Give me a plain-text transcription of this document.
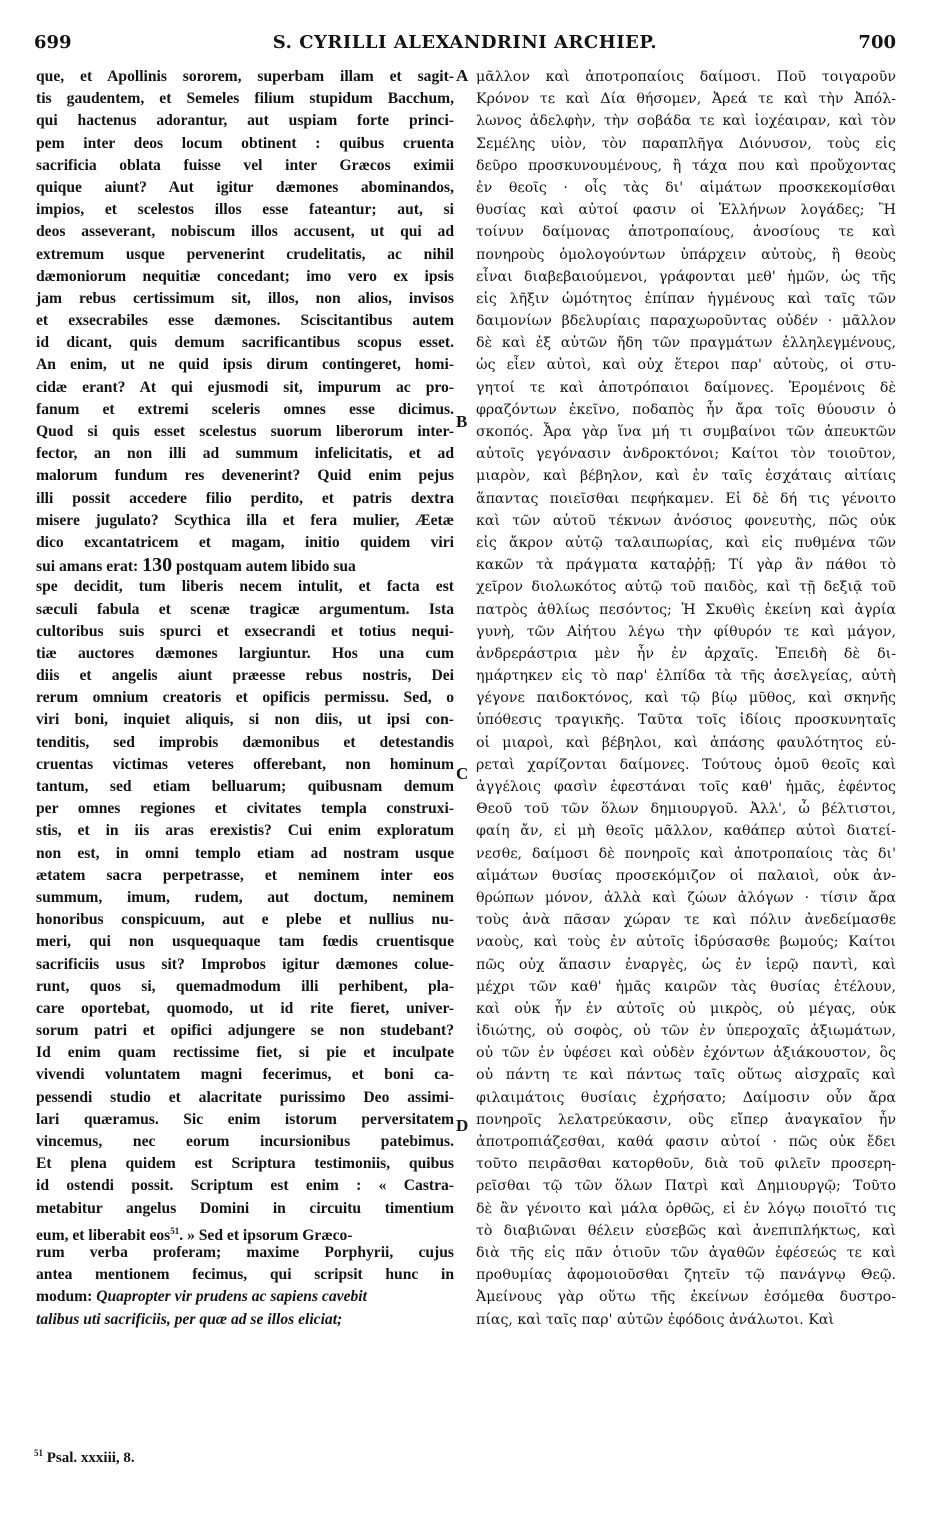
699	S. CYRILLI ALEXANDRINI ARCHIEP.	700
que, et Apollinis sororem, superbam illam et sagit-
tis gaudentem, et Semeles filium stupidum Bacchum,
qui hactenus adorantur, aut uspiam forte princi-
pem inter deos locum obtinent : quibus cruenta
sacrificia oblata fuisse vel inter Græcos eximii
quique aiunt? Aut igitur dæmones abominandos,
impios, et scelestos illos esse fateantur; aut, si
deos asseverant, nobiscum illos accusent, ut qui ad
extremum usque pervenerint crudelitatis, ac nihil
dæmoniorum nequitiæ concedant; imo vero ex ipsis
jam rebus certissimum sit, illos, non alios, invisos
et exsecrabiles esse dæmones. Sciscitantibus autem
id dicant, quis demum sacrificantibus scopus esset.
An enim, ut ne quid ipsis dirum contingeret, homi-
cidæ erant? At qui ejusmodi sit, impurum ac pro-
fanum et extremi sceleris omnes esse dicimus.
Quod si quis esset scelestus suorum liberorum inter-
fector, an non illi ad summum infelicitatis, et ad
malorum fundum res devenerint? Quid enim pejus
illi possit accedere filio perdito, et patris dextra
misere jugulato? Scythica illa et fera mulier, Æetæ
dico excantatricem et magam, initio quidem viri
sui amans erat: 130 postquam autem libido sua
spe decidit, tum liberis necem intulit, et facta est
sæculi fabula et scenæ tragicæ argumentum. Ista
cultoribus suis spurci et exsecrandi et totius nequi-
tiæ auctores dæmones largiuntur. Hos una cum
diis et angelis aiunt præesse rebus nostris, Dei
rerum omnium creatoris et opificis permissu. Sed, o
viri boni, inquiet aliquis, si non diis, ut ipsi con-
tenditis, sed improbis dæmonibus et detestandis
cruentas victimas veteres offerebant, non hominum
tantum, sed etiam belluarum; quibusnam demum
per omnes regiones et civitates templa construxi-
stis, et in iis aras erexistis? Cui enim exploratum
non est, in omni templo etiam ad nostram usque
ætatem sacra perpetrasse, et neminem inter eos
summum, imum, rudem, aut doctum, neminem
honoribus conspicuum, aut e plebe et nullius nu-
meri, qui non usquequaque tam fœdis cruentisque
sacrificiis usus sit? Improbos igitur dæmones colue-
runt, quos si, quemadmodum illi perhibent, pla-
care oportebat, quomodo, ut id rite fieret, univer-
sorum patri et opifici adjungere se non studebant?
Id enim quam rectissime fiet, si pie et inculpate
vivendi voluntatem magni fecerimus, et boni ca-
pessendi studio et alacritate purissimo Deo assimi-
lari quæramus. Sic enim istorum perversitatem
vincemus, nec eorum incursionibus patebimus.
Et plena quidem est Scriptura testimoniis, quibus
id ostendi possit. Scriptum est enim : « Castra-
metabitur angelus Domini in circuitu timentium
eum, et liberabit eos$^{51}$. » Sed et ipsorum Græco-
rum verba proferam; maxime Porphyrii, cujus
antea mentionem fecimus, qui scripsit hunc in
modum: Quapropter vir prudens ac sapiens cavebit
talibus uti sacrificiis, per quæ ad se illos eliciat;
μᾶλλον καὶ ἀποτροπαίοις δαίμοσι. Ποῦ τοιγαροῦν
Κρόνον τε καὶ Δία θήσομεν, Ἀρεά τε καὶ τὴν Ἀπόλ-
λωνος ἀδελφὴν, τὴν σοβάδα τε καὶ ἰοχέαιραν, καὶ τὸν
Σεμέλης υἱὸν, τὸν παραπλῆγα Διόνυσον, τοὺς εἰς
δεῦρο προσκυνουμένους, ἢ τάχα που καὶ προὔχοντας
ἐν θεοῖς · οἷς τὰς δι' αἱμάτων προσκεκομίσθαι
θυσίας καὶ αὐτοί φασιν οἱ Ἑλλήνων λογάδες; Ἢ
τοίνυν δαίμονας ἀποτροπαίους, ἀνοσίους τε καὶ
πονηροὺς ὁμολογούντων ὑπάρχειν αὐτοὺς, ἢ θεοὺς
εἶναι διαβεβαιούμενοι, γράφονται μεθ' ἡμῶν, ὡς τῆς
εἰς λῆξιν ὠμότητος ἐπίπαν ἡγμένους καὶ ταῖς τῶν
δαιμονίων βδελυρίαις παραχωροῦντας οὐδέν · μᾶλλον
δὲ καὶ ἐξ αὐτῶν ἤδη τῶν πραγμάτων ἐλληλεγμένους,
ὡς εἶεν αὐτοὶ, καὶ οὐχ ἕτεροι παρ' αὐτοὺς, οἱ στυ-
γητοί τε καὶ ἀποτρόπαιοι δαίμονες. Ἐρομένοις δὲ
φραζόντων ἐκεῖνο, ποδαπὸς ἦν ἄρα τοῖς θύουσιν ὁ
σκοπός. Ἆρα γὰρ ἵνα μή τι συμβαίνοι τῶν ἀπευκτῶν
αὐτοῖς γεγόνασιν ἀνδροκτόνοι; Καίτοι τὸν τοιοῦτον,
μιαρὸν, καὶ βέβηλον, καὶ ἐν ταῖς ἐσχάταις αἰτίαις
ἅπαντας ποιεῖσθαι πεφήκαμεν. Εἰ δὲ δή τις γένοιτο
καὶ τῶν αὐτοῦ τέκνων ἀνόσιος φονευτὴς, πῶς οὐκ
εἰς ἄκρον αὐτῷ ταλαιπωρίας, καὶ εἰς πυθμένα τῶν
κακῶν τὰ πράγματα καταῤῥῇ; Τί γὰρ ἂν πάθοι τὸ
χεῖρον διολωκότος αὐτῷ τοῦ παιδὸς, καὶ τῇ δεξιᾷ τοῦ
πατρὸς ἀθλίως πεσόντος; Ἡ Σκυθὶς ἐκείνη καὶ ἀγρία
γυνὴ, τῶν Αἰήτου λέγω τὴν φίθυρόν τε καὶ μάγον,
ἀνδρεράστρια μὲν ἦν ἐν ἀρχαῖς. Ἐπειδὴ δὲ δι-
ημάρτηκεν εἰς τὸ παρ' ἐλπίδα τὰ τῆς ἀσελγείας, αὐτὴ
γέγονε παιδοκτόνος, καὶ τῷ βίῳ μῦθος, καὶ σκηνῆς
ὑπόθεσις τραγικῆς. Ταῦτα τοῖς ἰδίοις προσκυνηταῖς
οἱ μιαροὶ, καὶ βέβηλοι, καὶ ἁπάσης φαυλότητος εὑ-
ρεταὶ χαρίζονται δαίμονες. Τούτους ὁμοῦ θεοῖς καὶ
ἀγγέλοις φασὶν ἐφεστάναι τοῖς καθ' ἡμᾶς, ἐφέντος
Θεοῦ τοῦ τῶν ὅλων δημιουργοῦ. Ἀλλ', ὦ βέλτιστοι,
φαίη ἄν, εἰ μὴ θεοῖς μᾶλλον, καθάπερ αὐτοὶ διατεί-
νεσθε, δαίμοσι δὲ πονηροῖς καὶ ἀποτροπαίοις τὰς δι'
αἱμάτων θυσίας προσεκόμιζον οἱ παλαιοὶ, οὐκ ἀν-
θρώπων μόνον, ἀλλὰ καὶ ζώων ἀλόγων · τίσιν ἄρα
τοὺς ἀνὰ πᾶσαν χώραν τε καὶ πόλιν ἀνεδείμασθε
ναοὺς, καὶ τοὺς ἐν αὐτοῖς ἱδρύσασθε βωμούς; Καίτοι
πῶς οὐχ ἅπασιν ἐναργὲς, ὡς ἐν ἱερῷ παντὶ, καὶ
μέχρι τῶν καθ' ἡμᾶς καιρῶν τὰς θυσίας ἐτέλουν,
καὶ οὐκ ἦν ἐν αὐτοῖς οὐ μικρὸς, οὐ μέγας, οὐκ
ἰδιώτης, οὐ σοφὸς, οὐ τῶν ἐν ὑπεροχαῖς ἀξιωμάτων,
οὐ τῶν ἐν ὑφέσει καὶ οὐδὲν ἐχόντων ἀξιάκουστον, ὃς
οὐ πάντη τε καὶ πάντως ταῖς οὕτως αἰσχραῖς καὶ
φιλαιμάτοις θυσίαις ἐχρήσατο; Δαίμοσιν οὖν ἄρα
πονηροῖς λελατρεύκασιν, οὓς εἴπερ ἀναγκαῖον ἦν
ἀποτροπιάζεσθαι, καθά φασιν αὐτοί · πῶς οὐκ ἔδει
τοῦτο πειρᾶσθαι κατορθοῦν, διὰ τοῦ φιλεῖν προσερη-
ρεῖσθαι τῷ τῶν ὅλων Πατρὶ καὶ Δημιουργῷ; Τοῦτο
δὲ ἂν γένοιτο καὶ μάλα ὀρθῶς, εἰ ἐν λόγῳ ποιοῖτό τις
τὸ διαβιῶναι θέλειν εὐσεβῶς καὶ ἀνεπιπλήκτως, καὶ
διὰ τῆς εἰς πᾶν ὁτιοῦν τῶν ἀγαθῶν ἐφέσεώς τε καὶ
προθυμίας ἀφομοιοῦσθαι ζητεῖν τῷ πανάγνῳ Θεῷ.
Ἀμείνους γὰρ οὕτω τῆς ἐκείνων ἐσόμεθα δυστρο-
πίας, καὶ ταῖς παρ' αὐτῶν ἐφόδοις ἀνάλωτοι. Καὶ
A
B
C
D
$^{51}$ Psal. xxxiii, 8.
